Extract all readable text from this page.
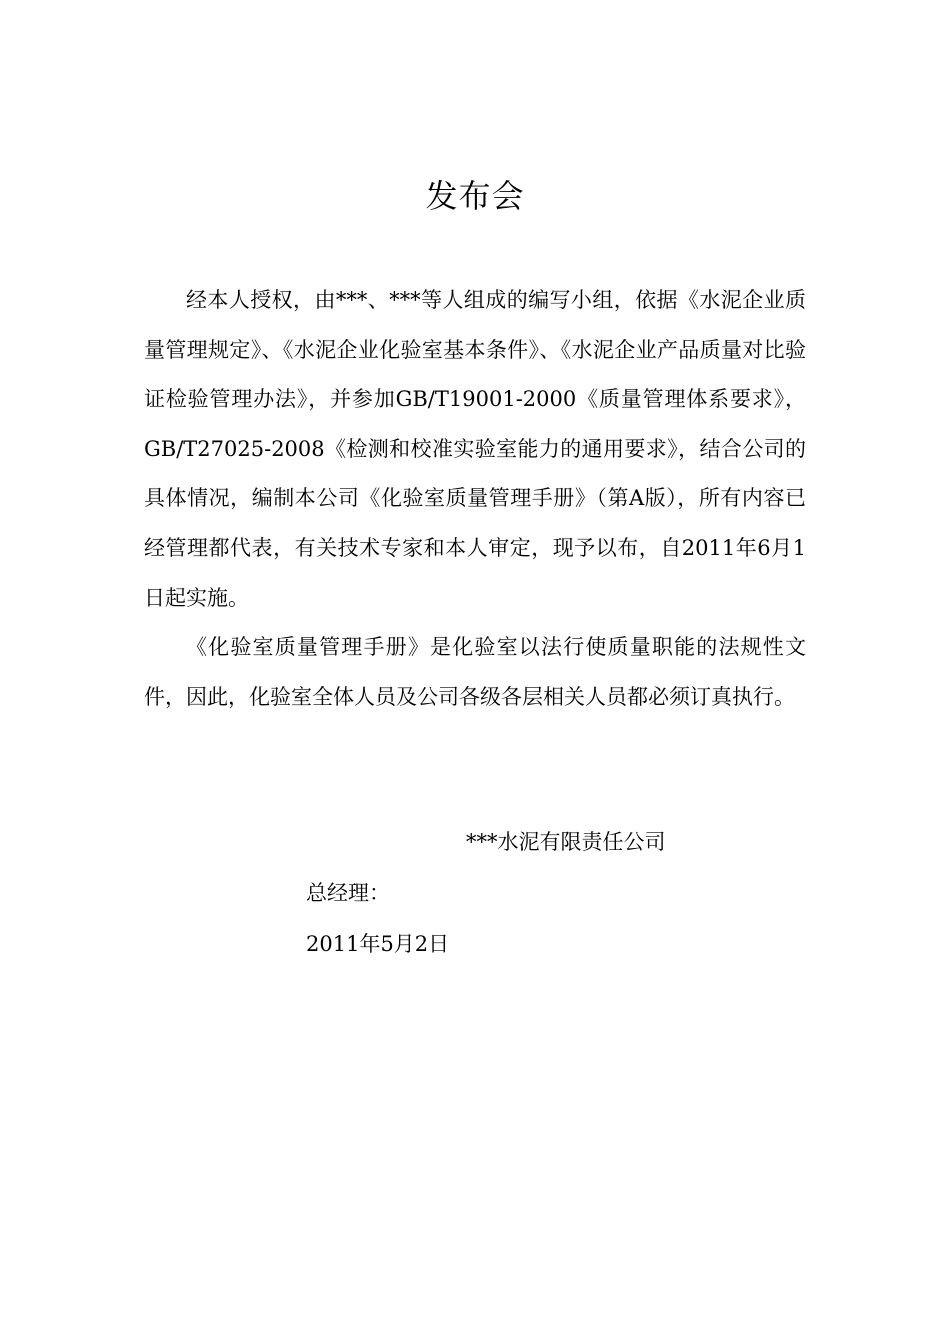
发布会

经本人授权，由***、***等人组成的编写小组，依据《水泥企业质量管理规定》、《水泥企业化验室基本条件》、《水泥企业产品质量对比验证检验管理办法》，并参加GB/T19001-2000《质量管理体系要求》，GB/T27025-2008《检测和校准实验室能力的通用要求》，结合公司的具体情况，编制本公司《化验室质量管理手册》（第A版），所有内容已经管理都代表，有关技术专家和本人审定，现予以布，自2011年6月1日起实施。

《化验室质量管理手册》是化验室以法行使质量职能的法规性文件，因此，化验室全体人员及公司各级各层相关人员都必须订真执行。

***水泥有限责任公司
总经理：
2011年5月2日
